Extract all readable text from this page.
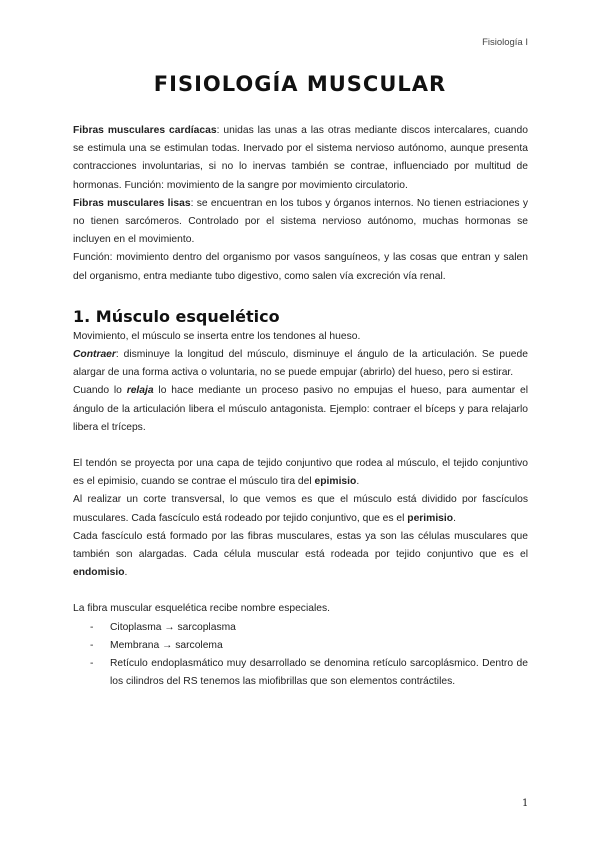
Fisiología I
FISIOLOGÍA MUSCULAR

Fibras musculares cardíacas: unidas las unas a las otras mediante discos intercalares, cuando se estimula una se estimulan todas. Inervado por el sistema nervioso autónomo, aunque presenta contracciones involuntarias, si no lo inervas también se contrae, influenciado por multitud de hormonas. Función: movimiento de la sangre por movimiento circulatorio.

Fibras musculares lisas: se encuentran en los tubos y órganos internos. No tienen estriaciones y no tienen sarcómeros. Controlado por el sistema nervioso autónomo, muchas hormonas se incluyen en el movimiento.

Función: movimiento dentro del organismo por vasos sanguíneos, y las cosas que entran y salen del organismo, entra mediante tubo digestivo, como salen vía excreción vía renal.

1. Músculo esquelético

Movimiento, el músculo se inserta entre los tendones al hueso.

Contraer: disminuye la longitud del músculo, disminuye el ángulo de la articulación. Se puede alargar de una forma activa o voluntaria, no se puede empujar (abrirlo) del hueso, pero si estirar.

Cuando lo relaja lo hace mediante un proceso pasivo no empujas el hueso, para aumentar el ángulo de la articulación libera el músculo antagonista. Ejemplo: contraer el bíceps y para relajarlo libera el tríceps.

El tendón se proyecta por una capa de tejido conjuntivo que rodea al músculo, el tejido conjuntivo es el epimisio, cuando se contrae el músculo tira del epimisio.

Al realizar un corte transversal, lo que vemos es que el músculo está dividido por fascículos musculares. Cada fascículo está rodeado por tejido conjuntivo, que es el perimisio.

Cada fascículo está formado por las fibras musculares, estas ya son las células musculares que también son alargadas. Cada célula muscular está rodeada por tejido conjuntivo que es el endomisio.

La fibra muscular esquelética recibe nombre especiales.

- Citoplasma → sarcoplasma
- Membrana → sarcolema
- Retículo endoplasmático muy desarrollado se denomina retículo sarcoplásmico. Dentro de los cilindros del RS tenemos las miofibrillas que son elementos contráctiles.
1
